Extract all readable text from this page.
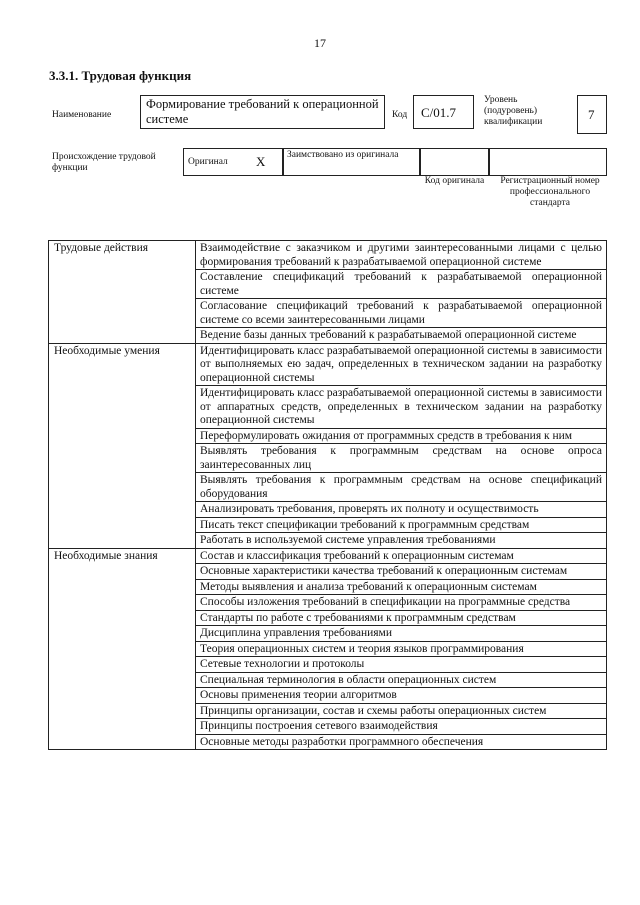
17
3.3.1. Трудовая функция
Наименование
Формирование требований к операционной системе	Код С/01.7
Уровень (подуровень) квалификации	7
Происхождение трудовой функции
Оригинал X Заимствовано из оригинала
Код оригинала	Регистрационный номер профессионального стандарта
Трудовые действия	Взаимодействие с заказчиком и другими заинтересованными лицами с целью формирования требований к разрабатываемой операционной системе
	Составление спецификаций требований к разрабатываемой операционной системе
	Согласование спецификаций требований к разрабатываемой операционной системе со всеми заинтересованными лицами
	Ведение базы данных требований к разрабатываемой операционной системе
Необходимые умения	Идентифицировать класс разрабатываемой операционной системы в зависимости от выполняемых ею задач, определенных в техническом задании на разработку операционной системы
	Идентифицировать класс разрабатываемой операционной системы в зависимости от аппаратных средств, определенных в техническом задании на разработку операционной системы
	Переформулировать ожидания от программных средств в требования к ним
	Выявлять требования к программным средствам на основе опроса заинтересованных лиц
	Выявлять требования к программным средствам на основе спецификаций оборудования
	Анализировать требования, проверять их полноту и осуществимость
	Писать текст спецификации требований к программным средствам
	Работать в используемой системе управления требованиями
Необходимые знания	Состав и классификация требований к операционным системам
	Основные характеристики качества требований к операционным системам
	Методы выявления и анализа требований к операционным системам
	Способы изложения требований в спецификации на программные средства
	Стандарты по работе с требованиями к программным средствам
	Дисциплина управления требованиями
	Теория операционных систем и теория языков программирования
	Сетевые технологии и протоколы
	Специальная терминология в области операционных систем
	Основы применения теории алгоритмов
	Принципы организации, состав и схемы работы операционных систем
	Принципы построения сетевого взаимодействия
	Основные методы разработки программного обеспечения
